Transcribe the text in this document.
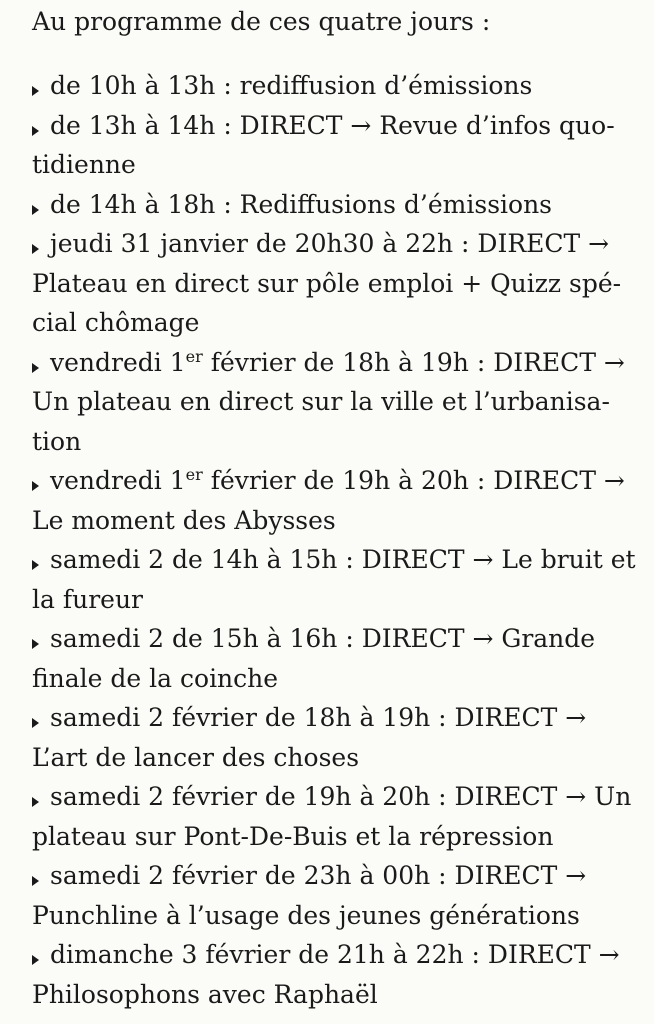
Au programme de ces quatre jours :

de 10h à 13h : rediffusion d’émissions
de 13h à 14h : DIRECT → Revue d’infos quotidienne
de 14h à 18h : Rediffusions d’émissions
jeudi 31 janvier de 20h30 à 22h : DIRECT → Plateau en direct sur pôle emploi + Quizz spécial chômage
vendredi 1er février de 18h à 19h : DIRECT → Un plateau en direct sur la ville et l’urbanisation
vendredi 1er février de 19h à 20h : DIRECT → Le moment des Abysses
samedi 2 de 14h à 15h : DIRECT → Le bruit et la fureur
samedi 2 de 15h à 16h : DIRECT → Grande finale de la coinche
samedi 2 février de 18h à 19h : DIRECT → L’art de lancer des choses
samedi 2 février de 19h à 20h : DIRECT → Un plateau sur Pont-De-Buis et la répression
samedi 2 février de 23h à 00h : DIRECT → Punchline à l’usage des jeunes générations
dimanche 3 février de 21h à 22h : DIRECT → Philosophons avec Raphaël
